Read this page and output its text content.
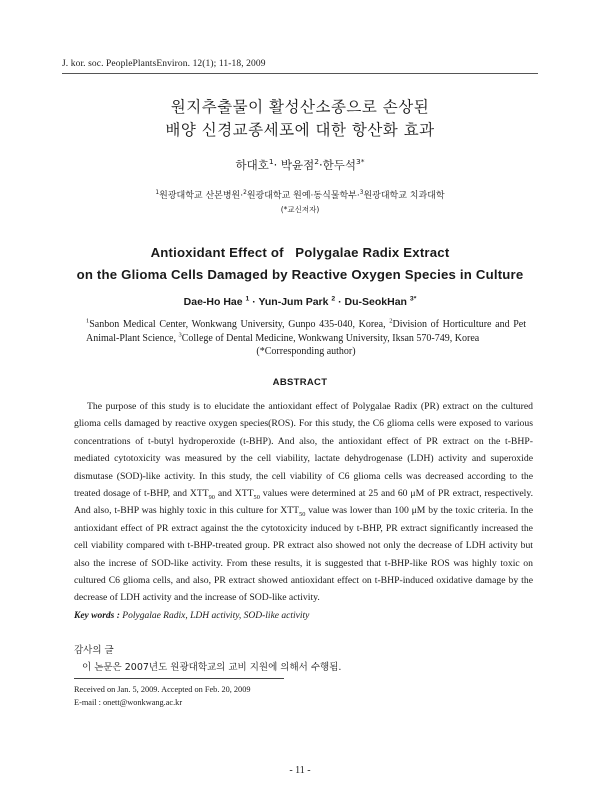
J. kor. soc. PeoplePlantsEnviron. 12(1); 11-18, 2009
원지추출물이 활성산소종으로 손상된
배양 신경교종세포에 대한 항산화 효과
하대호$^1$· 박윤점$^2$·한두석$^{3*}$
$^1$원광대학교 산본병원·$^2$원광대학교 원예·동식물학부·$^3$원광대학교 치과대학
(*교신저자)
Antioxidant Effect of   Polygalae Radix Extract
on the Glioma Cells Damaged by Reactive Oxygen Species in Culture
Dae-Ho Hae $^1$ · Yun-Jum Park $^2$ · Du-SeokHan $^{3*}$
$^1$Sanbon Medical Center, Wonkwang University, Gunpo 435-040, Korea, $^2$Division of Horticulture and Pet Animal-Plant Science, $^3$College of Dental Medicine, Wonkwang University, Iksan 570-749, Korea
(*Corresponding author)
ABSTRACT
The purpose of this study is to elucidate the antioxidant effect of Polygalae Radix (PR) extract on the cultured glioma cells damaged by reactive oxygen species(ROS). For this study, the C6 glioma cells were exposed to various concentrations of t-butyl hydroperoxide (t-BHP). And also, the antioxidant effect of PR extract on the t-BHP-mediated cytotoxicity was measured by the cell viability, lactate dehydrogenase (LDH) activity and superoxide dismutase (SOD)-like activity. In this study, the cell viability of C6 glioma cells was decreased according to the treated dosage of t-BHP, and $XTT_{90}$ and $XTT_{50}$ values were determined at 25 and 60 μM of PR extract, respectively. And also, t-BHP was highly toxic in this culture for $XTT_{50}$ value was lower than 100 μM by the toxic criteria. In the antioxidant effect of PR extract against the the cytotoxicity induced by t-BHP, PR extract significantly increased the cell viability compared with t-BHP-treated group. PR extract also showed not only the decrease of LDH activity but also the increse of SOD-like activity. From these results, it is suggested that t-BHP-like ROS was highly toxic on cultured C6 glioma cells, and also, PR extract showed antioxidant effect on t-BHP-induced oxidative damage by the decrease of LDH activity and the increase of SOD-like activity.
Key words : Polygalae Radix, LDH activity, SOD-like activity
감사의 글
이 논문은 2007년도 원광대학교의 교비 지원에 의해서 수행됨.
Received on Jan. 5, 2009. Accepted on Feb. 20, 2009
E-mail : onett@wonkwang.ac.kr
- 11 -
